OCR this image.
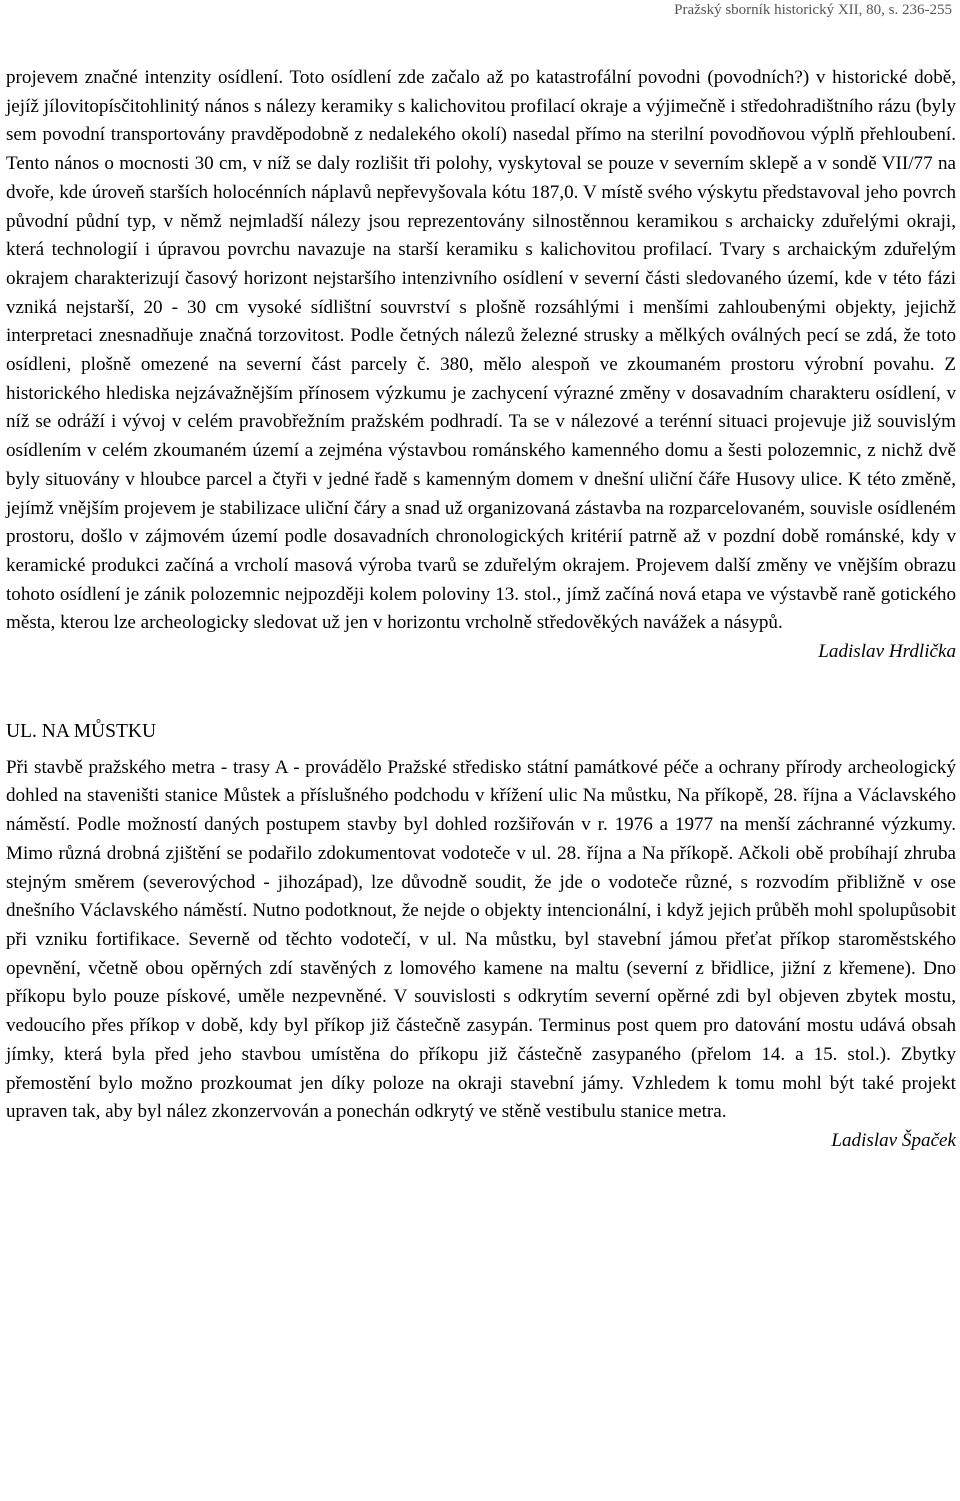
Pražský sborník historický XII, 80, s. 236-255

projevem značné intenzity osídlení. Toto osídlení zde začalo až po katastrofální povodni (povodních?) v historické době, jejíž jílovitopísčitohlinitý nános s nálezy keramiky s kalichovitou profilací okraje a výjimečně i středohradištního rázu (byly sem povodní transportovány pravděpodobně z nedalekého okolí) nasedal přímo na sterilní povodňovou výplň přehloubení. Tento nános o mocnosti 30 cm, v níž se daly rozlišit tři polohy, vyskytoval se pouze v severním sklepě a v sondě VII/77 na dvoře, kde úroveň starších holocénních náplavů nepřevyšovala kótu 187,0. V místě svého výskytu představoval jeho povrch původní půdní typ, v němž nejmladší nálezy jsou reprezentovány silnostěnnou keramikou s archaicky zduřelými okraji, která technologií i úpravou povrchu navazuje na starší keramiku s kalichovitou profilací. Tvary s archaickým zduřelým okrajem charakterizují časový horizont nejstaršího intenzivního osídlení v severní části sledovaného území, kde v této fázi vzniká nejstarší, 20 - 30 cm vysoké sídlištní souvrství s plošně rozsáhlými i menšími zahloubenými objekty, jejichž interpretaci znesnadňuje značná torzovitost. Podle četných nálezů železné strusky a mělkých oválných pecí se zdá, že toto osídleni, plošně omezené na severní část parcely č. 380, mělo alespoň ve zkoumaném prostoru výrobní povahu. Z historického hlediska nejzávažnějším přínosem výzkumu je zachycení výrazné změny v dosavadním charakteru osídlení, v níž se odráží i vývoj v celém pravobřežním pražském podhradí. Ta se v nálezové a terénní situaci projevuje již souvislým osídlením v celém zkoumaném území a zejména výstavbou románského kamenného domu a šesti polozemnic, z nichž dvě byly situovány v hloubce parcel a čtyři v jedné řadě s kamenným domem v dnešní uliční čáře Husovy ulice. K této změně, jejímž vnějším projevem je stabilizace uliční čáry a snad už organizovaná zástavba na rozparcelovaném, souvisle osídleném prostoru, došlo v zájmovém území podle dosavadních chronologických kritérií patrně až v pozdní době románské, kdy v keramické produkci začíná a vrcholí masová výroba tvarů se zduřelým okrajem. Projevem další změny ve vnějším obrazu tohoto osídlení je zánik polozemnic nejpozději kolem poloviny 13. stol., jímž začíná nová etapa ve výstavbě raně gotického města, kterou lze archeologicky sledovat už jen v horizontu vrcholně středověkých navážek a násypů.

Ladislav Hrdlička

UL. NA MŮSTKU

Při stavbě pražského metra - trasy A - provádělo Pražské středisko státní památkové péče a ochrany přírody archeologický dohled na staveništi stanice Můstek a příslušného podchodu v křížení ulic Na můstku, Na příkopě, 28. října a Václavského náměstí. Podle možností daných postupem stavby byl dohled rozšiřován v r. 1976 a 1977 na menší záchranné výzkumy. Mimo různá drobná zjištění se podařilo zdokumentovat vodoteče v ul. 28. října a Na příkopě. Ačkoli obě probíhají zhruba stejným směrem (severovýchod - jihozápad), lze důvodně soudit, že jde o vodoteče různé, s rozvodím přibližně v ose dnešního Václavského náměstí. Nutno podotknout, že nejde o objekty intencionální, i když jejich průběh mohl spolupůsobit při vzniku fortifikace. Severně od těchto vodotečí, v ul. Na můstku, byl stavební jámou přeťat příkop staroměstského opevnění, včetně obou opěrných zdí stavěných z lomového kamene na maltu (severní z břidlice, jižní z křemene). Dno příkopu bylo pouze pískové, uměle nezpevněné. V souvislosti s odkrytím severní opěrné zdi byl objeven zbytek mostu, vedoucího přes příkop v době, kdy byl příkop již částečně zasypán. Terminus post quem pro datování mostu udává obsah jímky, která byla před jeho stavbou umístěna do příkopu již částečně zasypaného (přelom 14. a 15. stol.). Zbytky přemostění bylo možno prozkoumat jen díky poloze na okraji stavební jámy. Vzhledem k tomu mohl být také projekt upraven tak, aby byl nález zkonzervován a ponechán odkrytý ve stěně vestibulu stanice metra.

Ladislav Špaček
